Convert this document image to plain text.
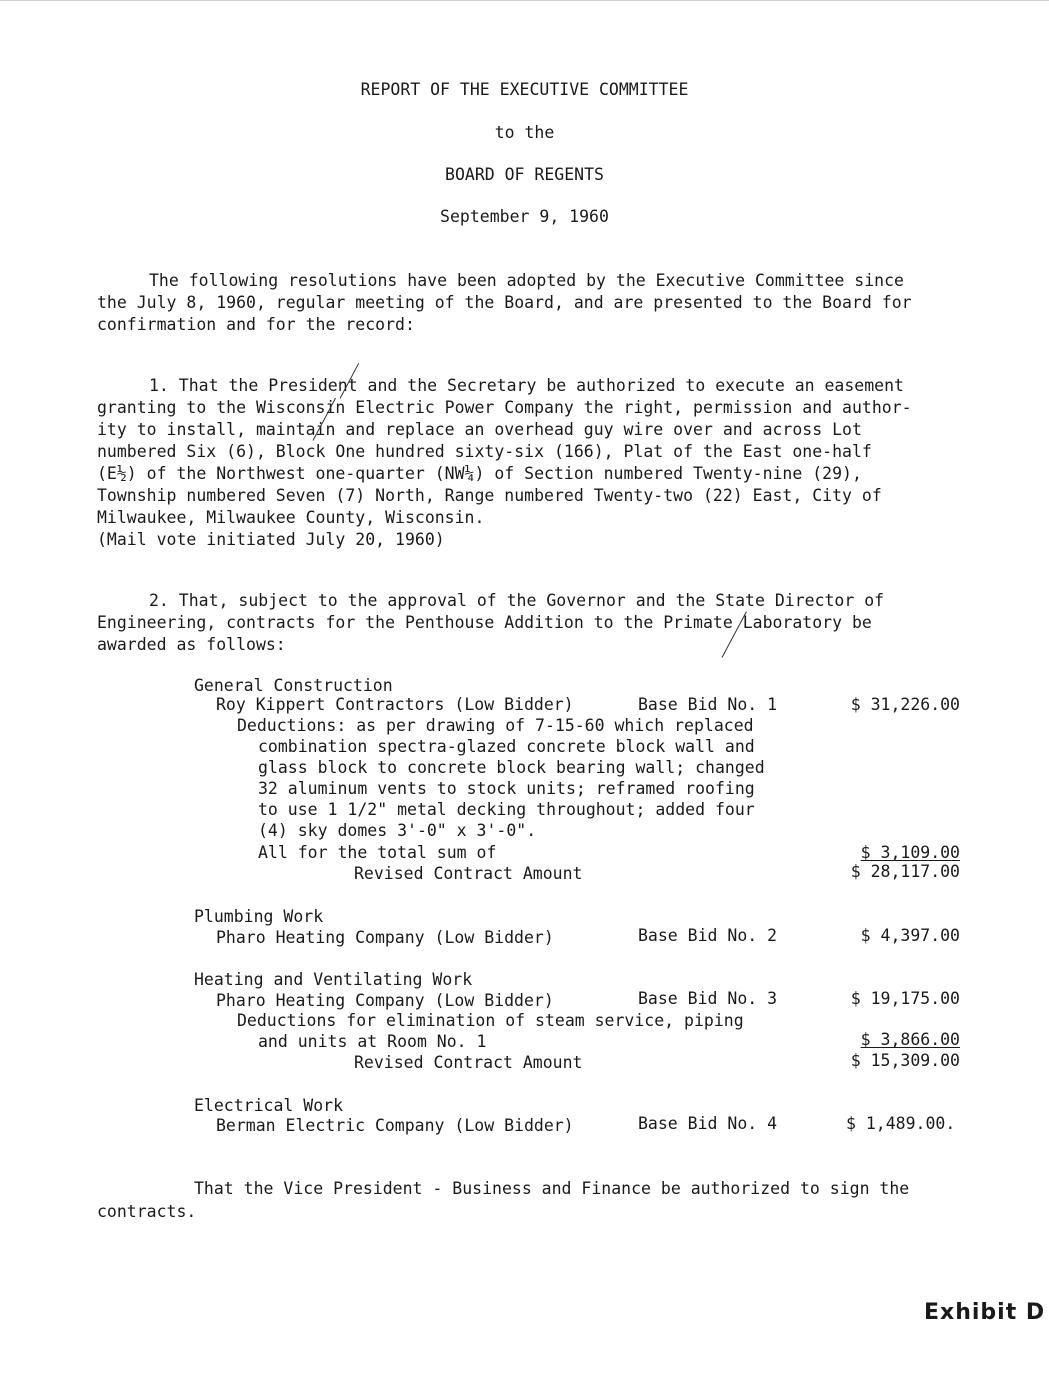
REPORT OF THE EXECUTIVE COMMITTEE
to the
BOARD OF REGENTS
September 9, 1960
The following resolutions have been adopted by the Executive Committee since
the July 8, 1960, regular meeting of the Board, and are presented to the Board for
confirmation and for the record:
1. That the President and the Secretary be authorized to execute an easement
granting to the Wisconsin Electric Power Company the right, permission and author-
ity to install, maintain and replace an overhead guy wire over and across Lot
numbered Six (6), Block One hundred sixty-six (166), Plat of the East one-half
(E½) of the Northwest one-quarter (NW¼) of Section numbered Twenty-nine (29),
Township numbered Seven (7) North, Range numbered Twenty-two (22) East, City of
Milwaukee, Milwaukee County, Wisconsin.
(Mail vote initiated July 20, 1960)
2. That, subject to the approval of the Governor and the State Director of
Engineering, contracts for the Penthouse Addition to the Primate Laboratory be
awarded as follows:
General Construction
Roy Kippert Contractors (Low Bidder)	Base Bid No. 1	$ 31,226.00
Deductions: as per drawing of 7-15-60 which replaced
combination spectra-glazed concrete block wall and
glass block to concrete block bearing wall; changed
32 aluminum vents to stock units; reframed roofing
to use 1 1/2" metal decking throughout; added four
(4) sky domes 3'-0" x 3'-0".
All for the total sum of	$ 3,109.00
Revised Contract Amount	$ 28,117.00
Plumbing Work
Pharo Heating Company (Low Bidder)	Base Bid No. 2	$ 4,397.00
Heating and Ventilating Work
Pharo Heating Company (Low Bidder)	Base Bid No. 3	$ 19,175.00
Deductions for elimination of steam service, piping
and units at Room No. 1	$ 3,866.00
Revised Contract Amount	$ 15,309.00
Electrical Work
Berman Electric Company (Low Bidder)	Base Bid No. 4	$ 1,489.00.
That the Vice President - Business and Finance be authorized to sign the
contracts.
Exhibit D
